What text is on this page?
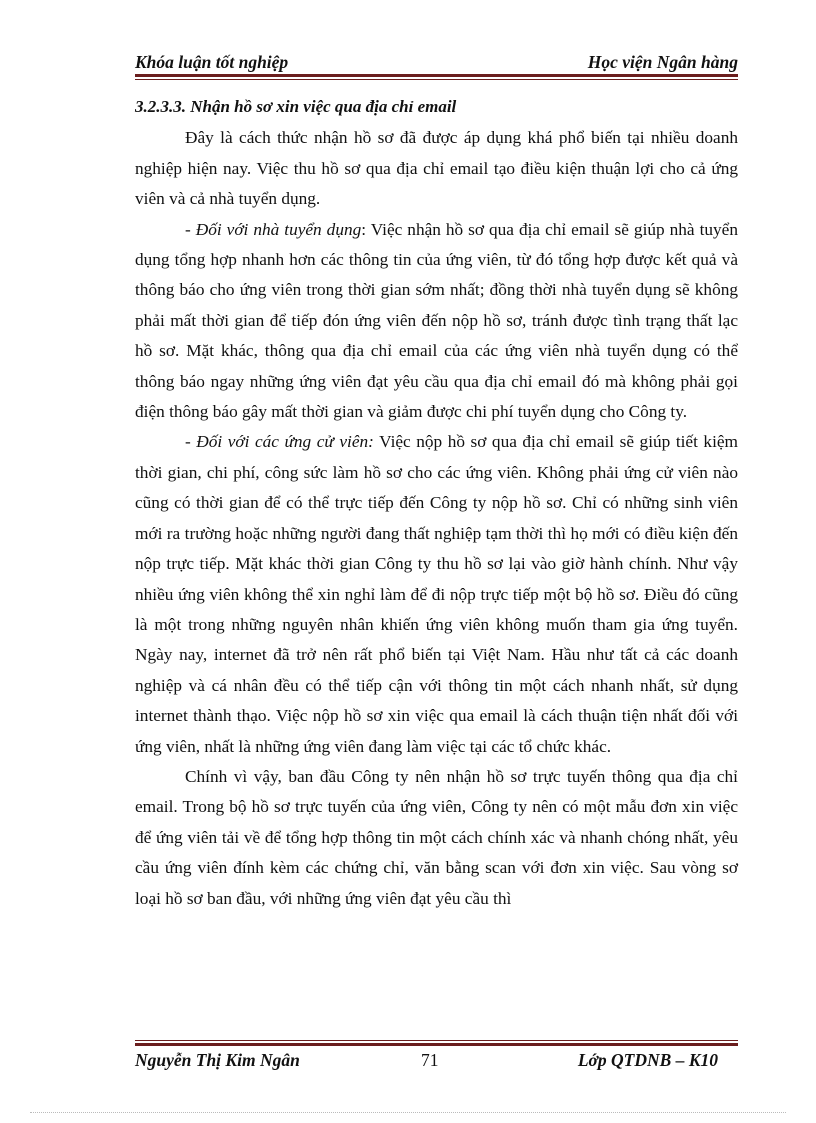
Khóa luận tốt nghiệp	Học viện Ngân hàng

3.2.3.3. Nhận hồ sơ xin việc qua địa chỉ email

Đây là cách thức nhận hồ sơ đã được áp dụng khá phổ biến tại nhiều doanh nghiệp hiện nay. Việc thu hồ sơ qua địa chỉ email tạo điều kiện thuận lợi cho cả ứng viên và cả nhà tuyển dụng.

- Đối với nhà tuyển dụng: Việc nhận hồ sơ qua địa chỉ email sẽ giúp nhà tuyển dụng tổng hợp nhanh hơn các thông tin của ứng viên, từ đó tổng hợp được kết quả và thông báo cho ứng viên trong thời gian sớm nhất; đồng thời nhà tuyển dụng sẽ không phải mất thời gian để tiếp đón ứng viên đến nộp hồ sơ, tránh được tình trạng thất lạc hồ sơ. Mặt khác, thông qua địa chỉ email của các ứng viên nhà tuyển dụng có thể thông báo ngay những ứng viên đạt yêu cầu qua địa chỉ email đó mà không phải gọi điện thông báo gây mất thời gian và giảm được chi phí tuyển dụng cho Công ty.

- Đối với các ứng cử viên: Việc nộp hồ sơ qua địa chỉ email sẽ giúp tiết kiệm thời gian, chi phí, công sức làm hồ sơ cho các ứng viên. Không phải ứng cử viên nào cũng có thời gian để có thể trực tiếp đến Công ty nộp hồ sơ. Chỉ có những sinh viên mới ra trường hoặc những người đang thất nghiệp tạm thời thì họ mới có điều kiện đến nộp trực tiếp. Mặt khác thời gian Công ty thu hồ sơ lại vào giờ hành chính. Như vậy nhiều ứng viên không thể xin nghỉ làm để đi nộp trực tiếp một bộ hồ sơ. Điều đó cũng là một trong những nguyên nhân khiến ứng viên không muốn tham gia ứng tuyển. Ngày nay, internet đã trở nên rất phổ biến tại Việt Nam. Hầu như tất cả các doanh nghiệp và cá nhân đều có thể tiếp cận với thông tin một cách nhanh nhất, sử dụng internet thành thạo. Việc nộp hồ sơ xin việc qua email là cách thuận tiện nhất đối với ứng viên, nhất là những ứng viên đang làm việc tại các tổ chức khác.

Chính vì vậy, ban đầu Công ty nên nhận hồ sơ trực tuyến thông qua địa chỉ email. Trong bộ hồ sơ trực tuyến của ứng viên, Công ty nên có một mẫu đơn xin việc để ứng viên tải về để tổng hợp thông tin một cách chính xác và nhanh chóng nhất, yêu cầu ứng viên đính kèm các chứng chỉ, văn bằng scan với đơn xin việc. Sau vòng sơ loại hồ sơ ban đầu, với những ứng viên đạt yêu cầu thì

Nguyễn Thị Kim Ngân	71	Lớp QTDNB – K10
